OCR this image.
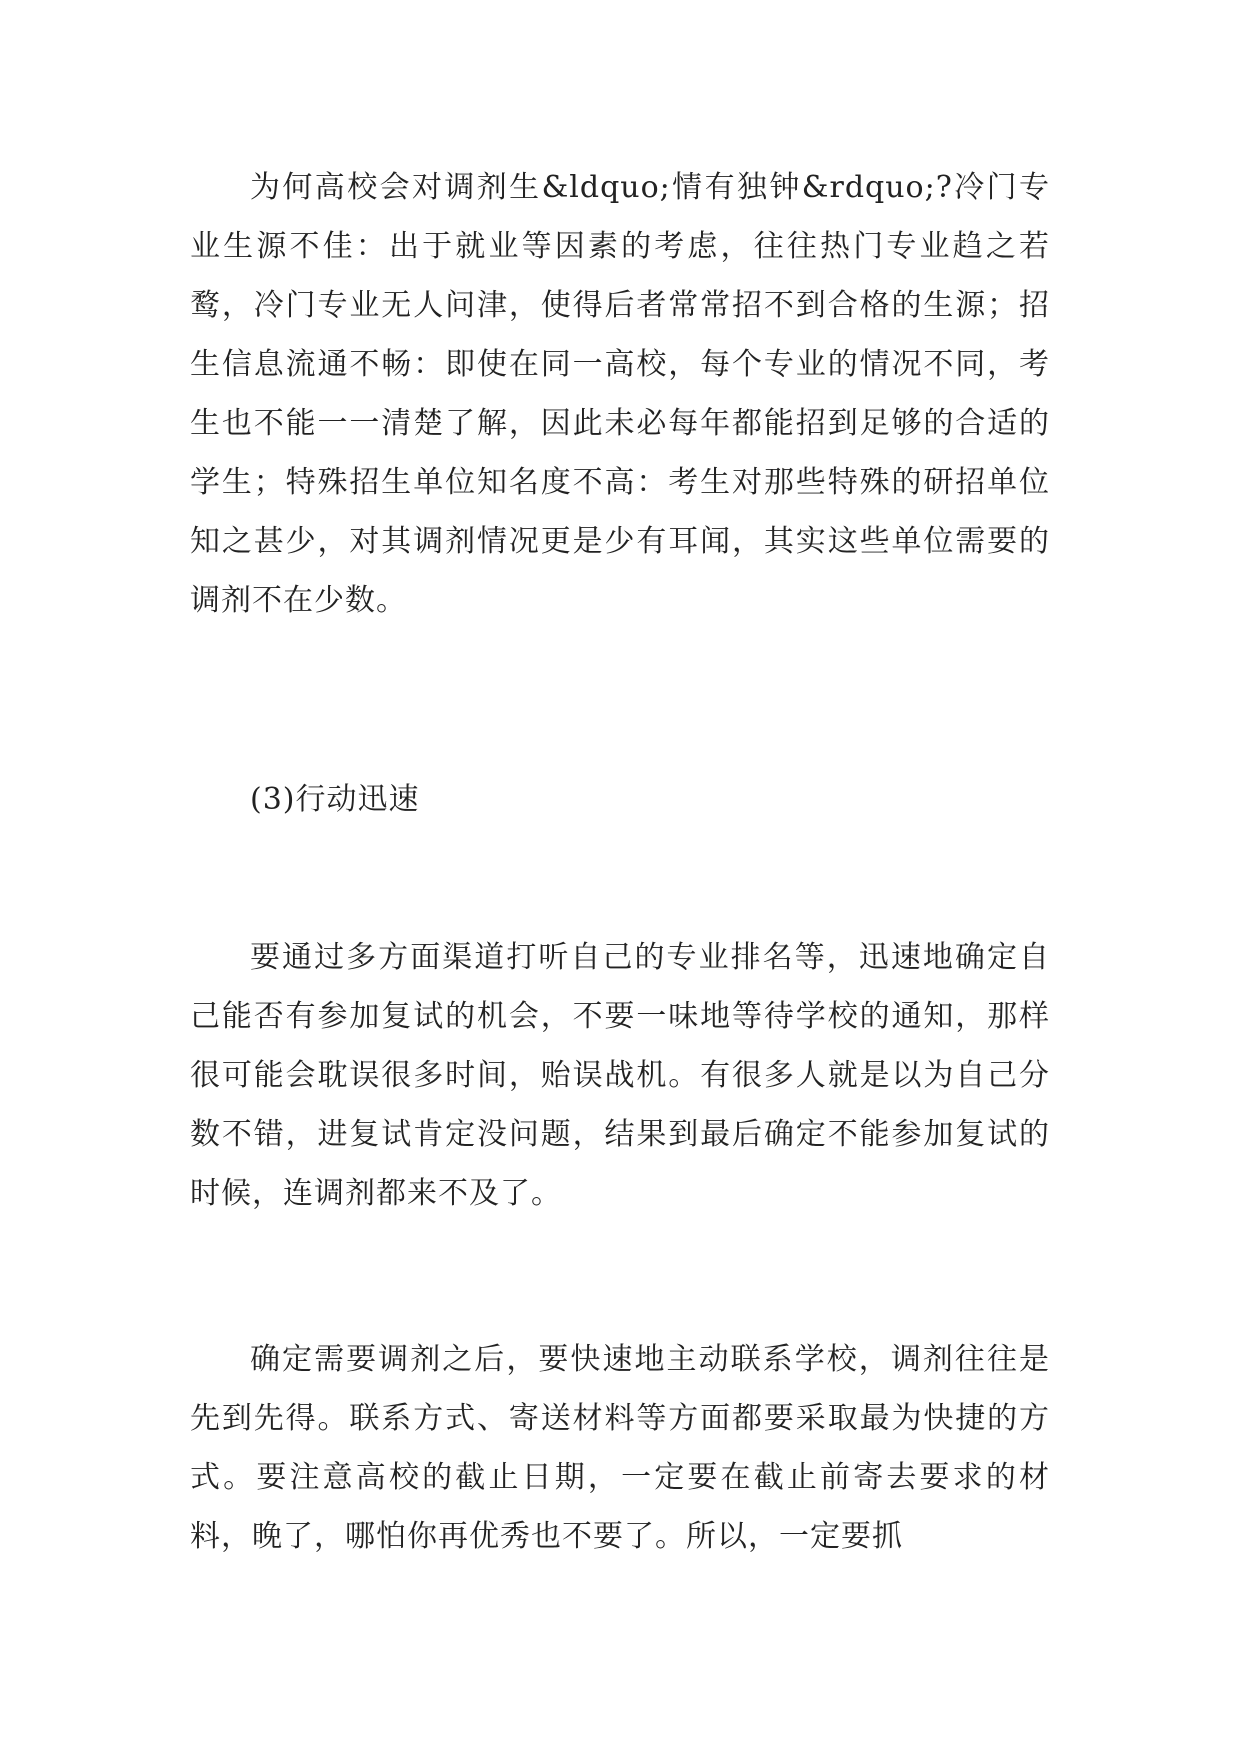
为何高校会对调剂生&ldquo;情有独钟&rdquo;?冷门专业生源不佳：出于就业等因素的考虑，往往热门专业趋之若鹜，冷门专业无人问津，使得后者常常招不到合格的生源；招生信息流通不畅：即使在同一高校，每个专业的情况不同，考生也不能一一清楚了解，因此未必每年都能招到足够的合适的学生；特殊招生单位知名度不高：考生对那些特殊的研招单位知之甚少，对其调剂情况更是少有耳闻，其实这些单位需要的调剂不在少数。

(3)行动迅速

要通过多方面渠道打听自己的专业排名等，迅速地确定自己能否有参加复试的机会，不要一味地等待学校的通知，那样很可能会耽误很多时间，贻误战机。有很多人就是以为自己分数不错，进复试肯定没问题，结果到最后确定不能参加复试的时候，连调剂都来不及了。

确定需要调剂之后，要快速地主动联系学校，调剂往往是先到先得。联系方式、寄送材料等方面都要采取最为快捷的方式。要注意高校的截止日期，一定要在截止前寄去要求的材料，晚了，哪怕你再优秀也不要了。所以，一定要抓
